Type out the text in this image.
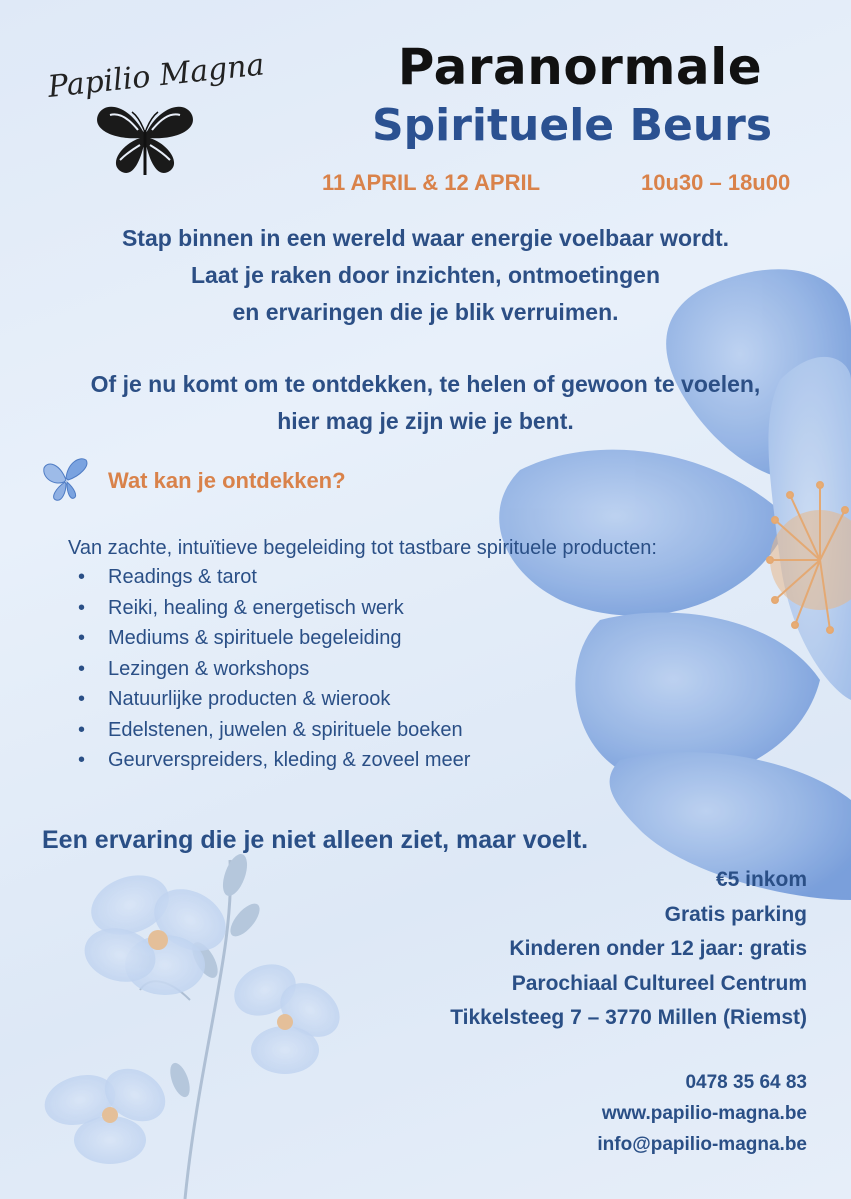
Papilio Magna	Paranormale
Spirituele Beurs
11 APRIL & 12 APRIL	10u30 – 18u00
Stap binnen in een wereld waar energie voelbaar wordt.
Laat je raken door inzichten, ontmoetingen
en ervaringen die je blik verruimen.
Of je nu komt om te ontdekken, te helen of gewoon te voelen,
hier mag je zijn wie je bent.
Wat kan je ontdekken?
Van zachte, intuïtieve begeleiding tot tastbare spirituele producten:
• Readings & tarot
• Reiki, healing & energetisch werk
• Mediums & spirituele begeleiding
• Lezingen & workshops
• Natuurlijke producten & wierook
• Edelstenen, juwelen & spirituele boeken
• Geurverspreiders, kleding & zoveel meer
Een ervaring die je niet alleen ziet, maar voelt.
€5 inkom
Gratis parking
Kinderen onder 12 jaar: gratis
Parochiaal Cultureel Centrum
Tikkelsteeg 7 – 3770 Millen (Riemst)
0478 35 64 83
www.papilio-magna.be
info@papilio-magna.be
